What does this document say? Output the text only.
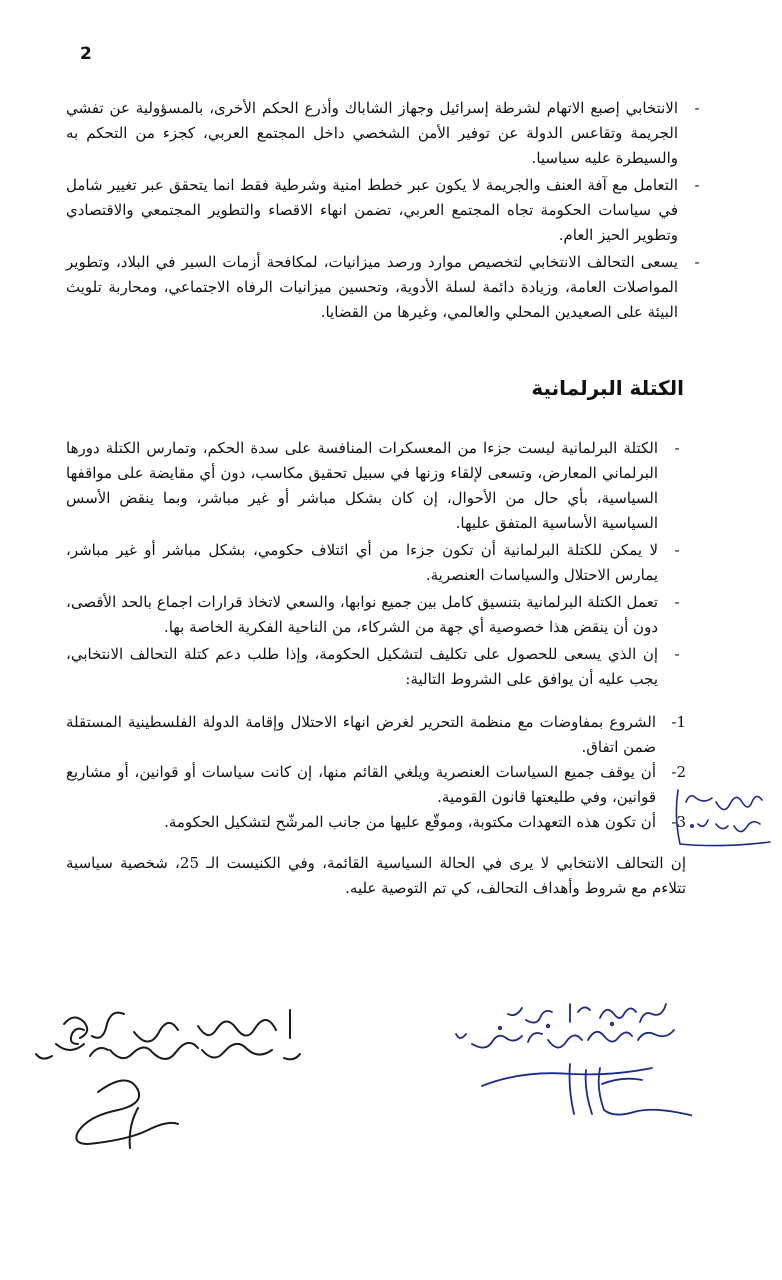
2
-
الانتخابي إصبع الاتهام لشرطة إسرائيل وجهاز الشاباك وأذرع الحكم الأخرى، بالمسؤولية عن تفشي الجريمة وتقاعس الدولة عن توفير الأمن الشخصي داخل المجتمع العربي، كجزء من التحكم به والسيطرة عليه سياسيا.
-
التعامل مع آفة العنف والجريمة لا يكون عبر خطط امنية وشرطية فقط انما يتحقق عبر تغيير شامل في سياسات الحكومة تجاه المجتمع العربي، تضمن انهاء الاقصاء والتطوير المجتمعي والاقتصادي وتطوير الحيز العام.
-
يسعى التحالف الانتخابي لتخصيص موارد ورصد ميزانيات، لمكافحة أزمات السير في البلاد، وتطوير المواصلات العامة، وزيادة دائمة لسلة الأدوية، وتحسين ميزانيات الرفاه الاجتماعي، ومحاربة تلويث البيئة على الصعيدين المحلي والعالمي، وغيرها من القضايا.
الكتلة البرلمانية
-
الكتلة البرلمانية ليست جزءا من المعسكرات المنافسة على سدة الحكم، وتمارس الكتلة دورها البرلماني المعارض، وتسعى لإلقاء وزنها في سبيل تحقيق مكاسب، دون أي مقايضة على مواقفها السياسية، بأي حال من الأحوال، إن كان بشكل مباشر أو غير مباشر، وبما ينقض الأسس السياسية الأساسية المتفق عليها.
-
لا يمكن للكتلة البرلمانية أن تكون جزءا من أي ائتلاف حكومي، بشكل مباشر أو غير مباشر، يمارس الاحتلال والسياسات العنصرية.
-
تعمل الكتلة البرلمانية بتنسيق كامل بين جميع نوابها، والسعي لاتخاذ قرارات اجماع بالحد الأقصى، دون أن ينقض هذا خصوصية أي جهة من الشركاء، من الناحية الفكرية الخاصة بها.
-
إن الذي يسعى للحصول على تكليف لتشكيل الحكومة، وإذا طلب دعم كتلة التحالف الانتخابي، يجب عليه أن يوافق على الشروط التالية:
1-
الشروع بمفاوضات مع منظمة التحرير لغرض انهاء الاحتلال وإقامة الدولة الفلسطينية المستقلة ضمن اتفاق.
2-
أن يوقف جميع السياسات العنصرية ويلغي القائم منها، إن كانت سياسات أو قوانين، أو مشاريع قوانين، وفي طليعتها قانون القومية.
3-
أن تكون هذه التعهدات مكتوبة، وموقّع عليها من جانب المرشّح لتشكيل الحكومة.
إن التحالف الانتخابي لا يرى في الحالة السياسية القائمة، وفي الكنيست الـ 25، شخصية سياسية تتلاءم مع شروط وأهداف التحالف، كي تم التوصية عليه.
